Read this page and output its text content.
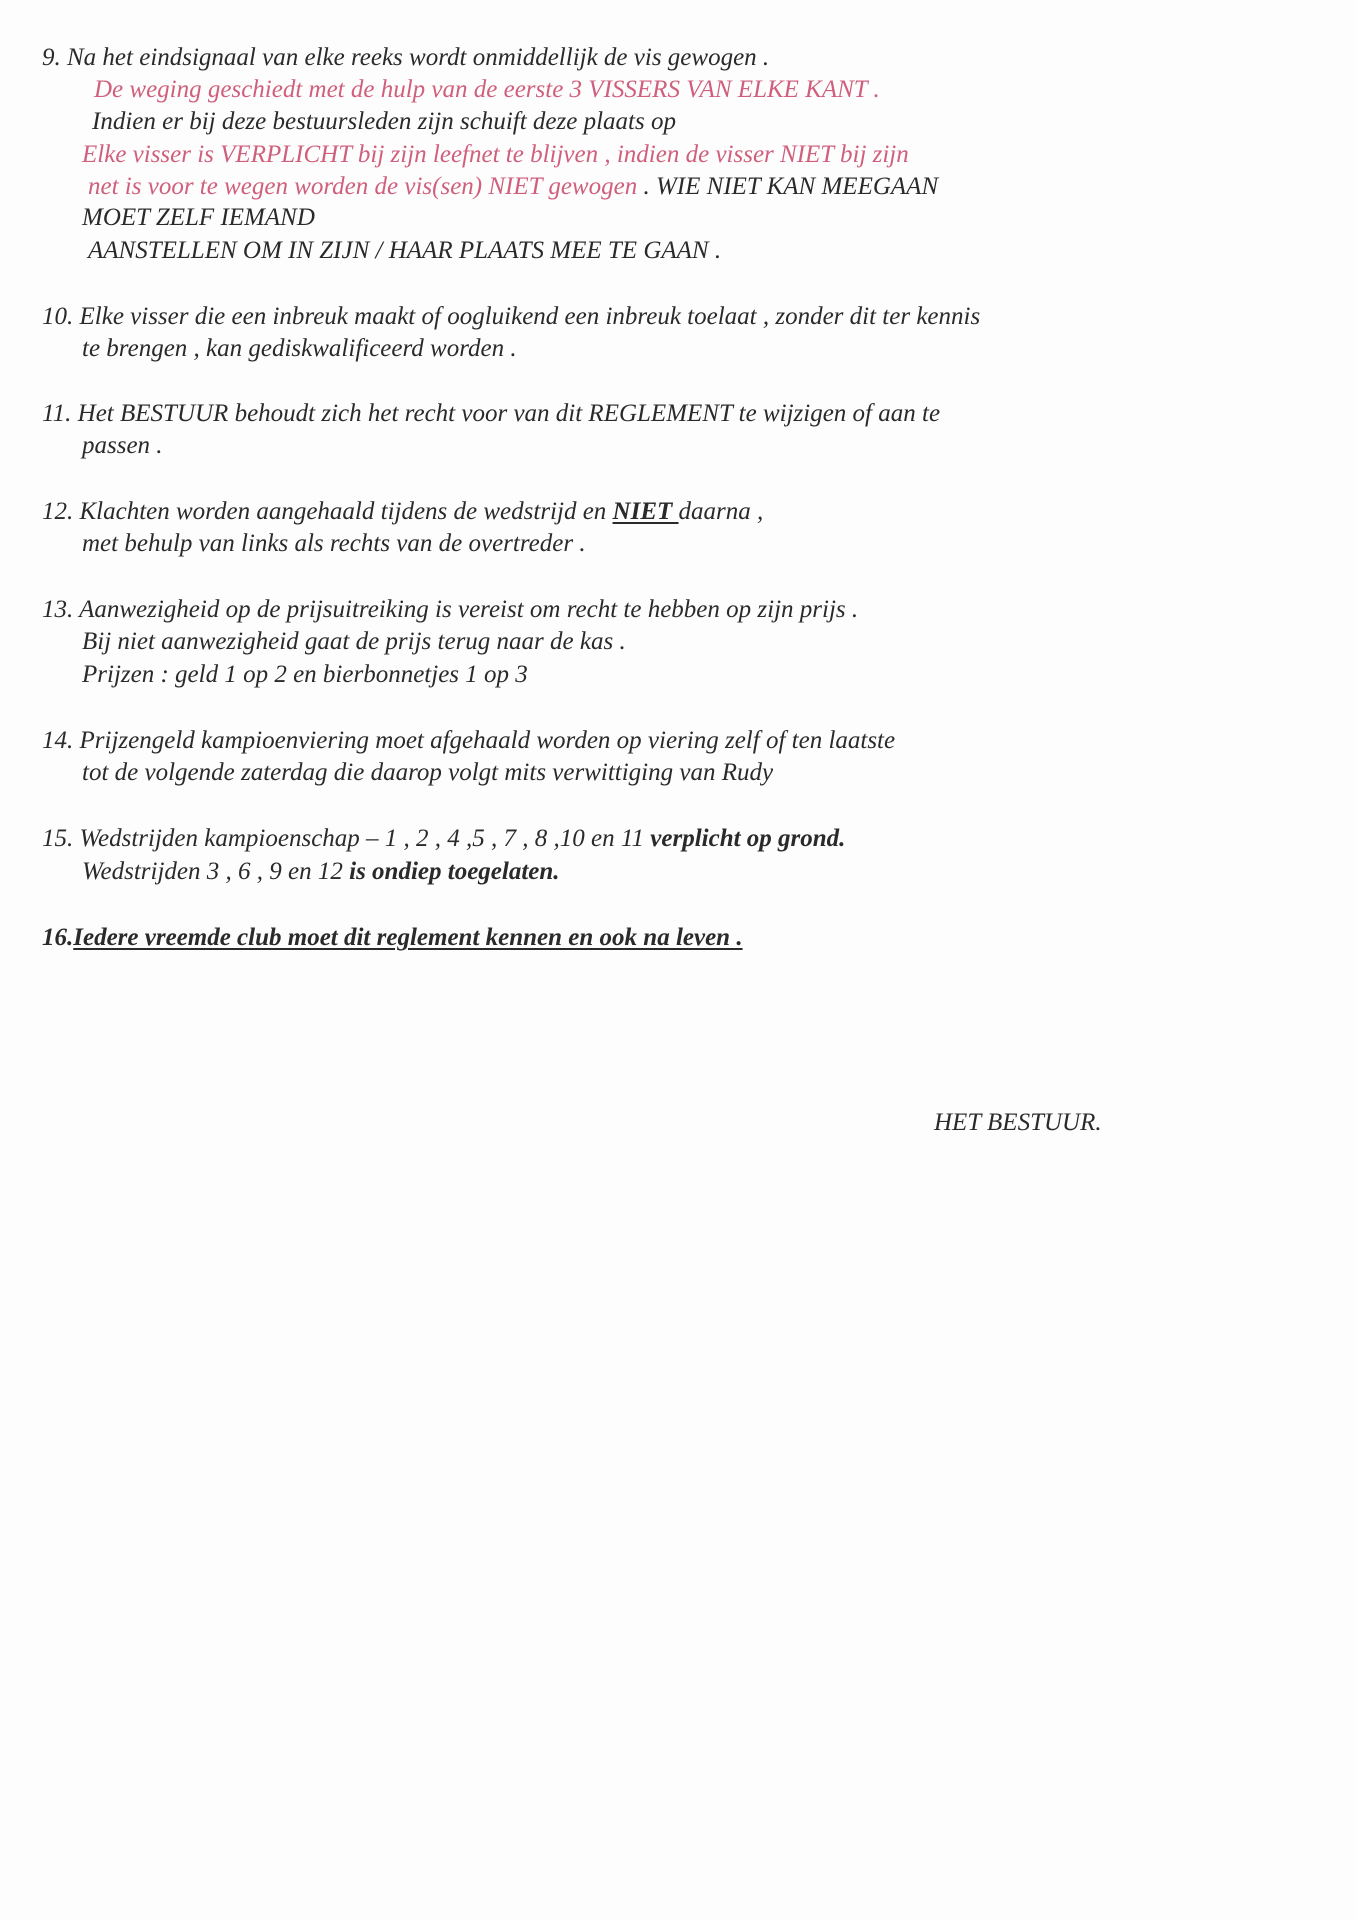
9. Na het eindsignaal van elke reeks wordt onmiddellijk de vis gewogen .
De weging geschiedt met de hulp van de eerste 3 VISSERS VAN ELKE KANT .
Indien er bij deze bestuursleden zijn schuift deze plaats op
Elke visser is VERPLICHT bij zijn leefnet te blijven , indien de visser NIET bij zijn
net is voor te wegen worden de vis(sen) NIET gewogen . WIE NIET KAN MEEGAAN
MOET ZELF IEMAND
AANSTELLEN OM IN ZIJN / HAAR PLAATS MEE TE GAAN .
10. Elke visser die een inbreuk maakt of oogluikend een inbreuk toelaat , zonder dit ter kennis
te brengen , kan gediskwalificeerd worden .
11. Het BESTUUR behoudt zich het recht voor van dit REGLEMENT te wijzigen of aan te
passen .
12. Klachten worden aangehaald tijdens de wedstrijd en NIET daarna ,
met behulp van links als rechts van de overtreder .
13. Aanwezigheid op de prijsuitreiking is vereist om recht te hebben op zijn prijs .
Bij niet aanwezigheid gaat de prijs terug naar de kas .
Prijzen : geld 1 op 2 en bierbonnetjes 1 op 3
14. Prijzengeld kampioenviering moet afgehaald worden op viering zelf of ten laatste
tot de volgende zaterdag die daarop volgt mits verwittiging van Rudy
15. Wedstrijden kampioenschap – 1 , 2 , 4 ,5 , 7 , 8 ,10 en 11 verplicht op grond.
Wedstrijden 3 , 6 , 9 en 12 is ondiep toegelaten.
16.Iedere vreemde club moet dit reglement kennen en ook na leven .
HET BESTUUR.
